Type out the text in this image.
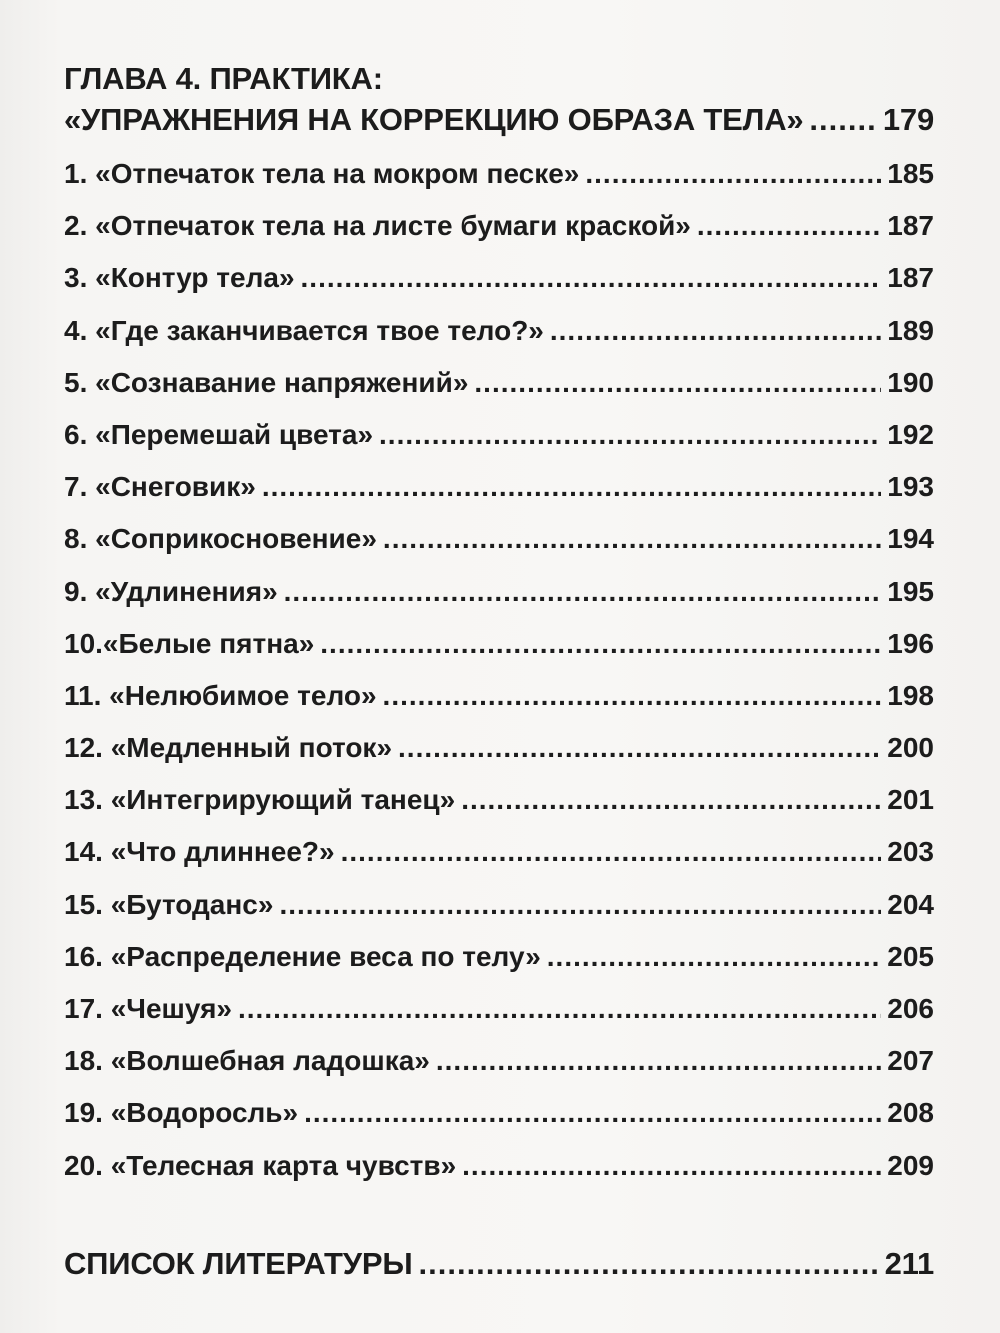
ГЛАВА 4. ПРАКТИКА:
«УПРАЖНЕНИЯ НА КОРРЕКЦИЮ ОБРАЗА ТЕЛА» .....	179
1. «Отпечаток тела на мокром песке» .....	185
2. «Отпечаток тела на листе бумаги краской» .....	187
3. «Контур тела» .....	187
4. «Где заканчивается твое тело?» .....	189
5. «Сознавание напряжений» .....	190
6. «Перемешай цвета» .....	192
7. «Снеговик» .....	193
8. «Соприкосновение» .....	194
9. «Удлинения» .....	195
10.«Белые пятна» .....	196
11. «Нелюбимое тело» .....	198
12. «Медленный поток» .....	200
13. «Интегрирующий танец» .....	201
14. «Что длиннее?» .....	203
15. «Бутоданс» .....	204
16. «Распределение веса по телу» .....	205
17. «Чешуя» .....	206
18. «Волшебная ладошка» .....	207
19. «Водоросль» .....	208
20. «Телесная карта чувств» .....	209
СПИСОК ЛИТЕРАТУРЫ .....	211
